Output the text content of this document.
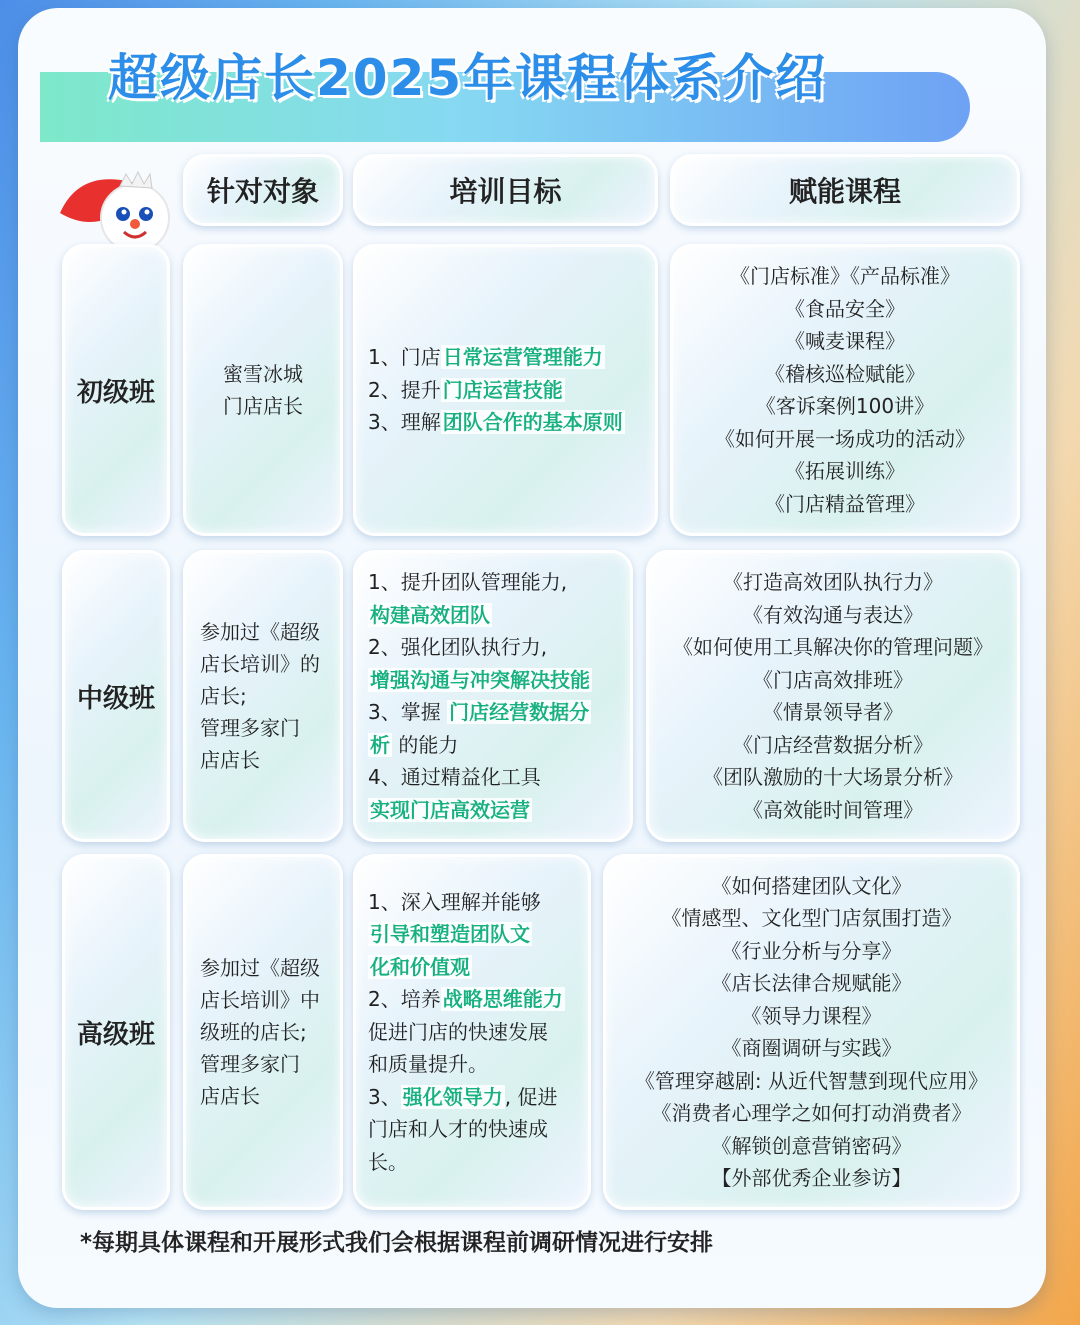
超级店长2025年课程体系介绍
针对对象	培训目标	赋能课程
初级班
蜜雪冰城
门店店长
1、门店 日常运营管理能力
2、提升 门店运营技能
3、理解 团队合作的基本原则
《门店标准》《产品标准》
《食品安全》
《喊麦课程》
《稽核巡检赋能》
《客诉案例100讲》
《如何开展一场成功的活动》
《拓展训练》
《门店精益管理》
中级班
参加过《超级
店长培训》的
店长;
管理多家门
店店长
1、提升团队管理能力,
构建高效团队
2、强化团队执行力,
增强沟通与冲突解决技能
3、掌握 门店经营数据分
析 的能力
4、通过精益化工具
实现门店高效运营
《打造高效团队执行力》
《有效沟通与表达》
《如何使用工具解决你的管理问题》
《门店高效排班》
《情景领导者》
《门店经营数据分析》
《团队激励的十大场景分析》
《高效能时间管理》
高级班
参加过《超级
店长培训》中
级班的店长;
管理多家门
店店长
1、深入理解并能够
引导和塑造团队文
化和价值观
2、培养 战略思维能力
促进门店的快速发展
和质量提升。
3、 强化领导力 , 促进
门店和人才的快速成
长。
《如何搭建团队文化》
《情感型、文化型门店氛围打造》
《行业分析与分享》
《店长法律合规赋能》
《领导力课程》
《商圈调研与实践》
《管理穿越剧: 从近代智慧到现代应用》
《消费者心理学之如何打动消费者》
《解锁创意营销密码》
【外部优秀企业参访】
*每期具体课程和开展形式我们会根据课程前调研情况进行安排
